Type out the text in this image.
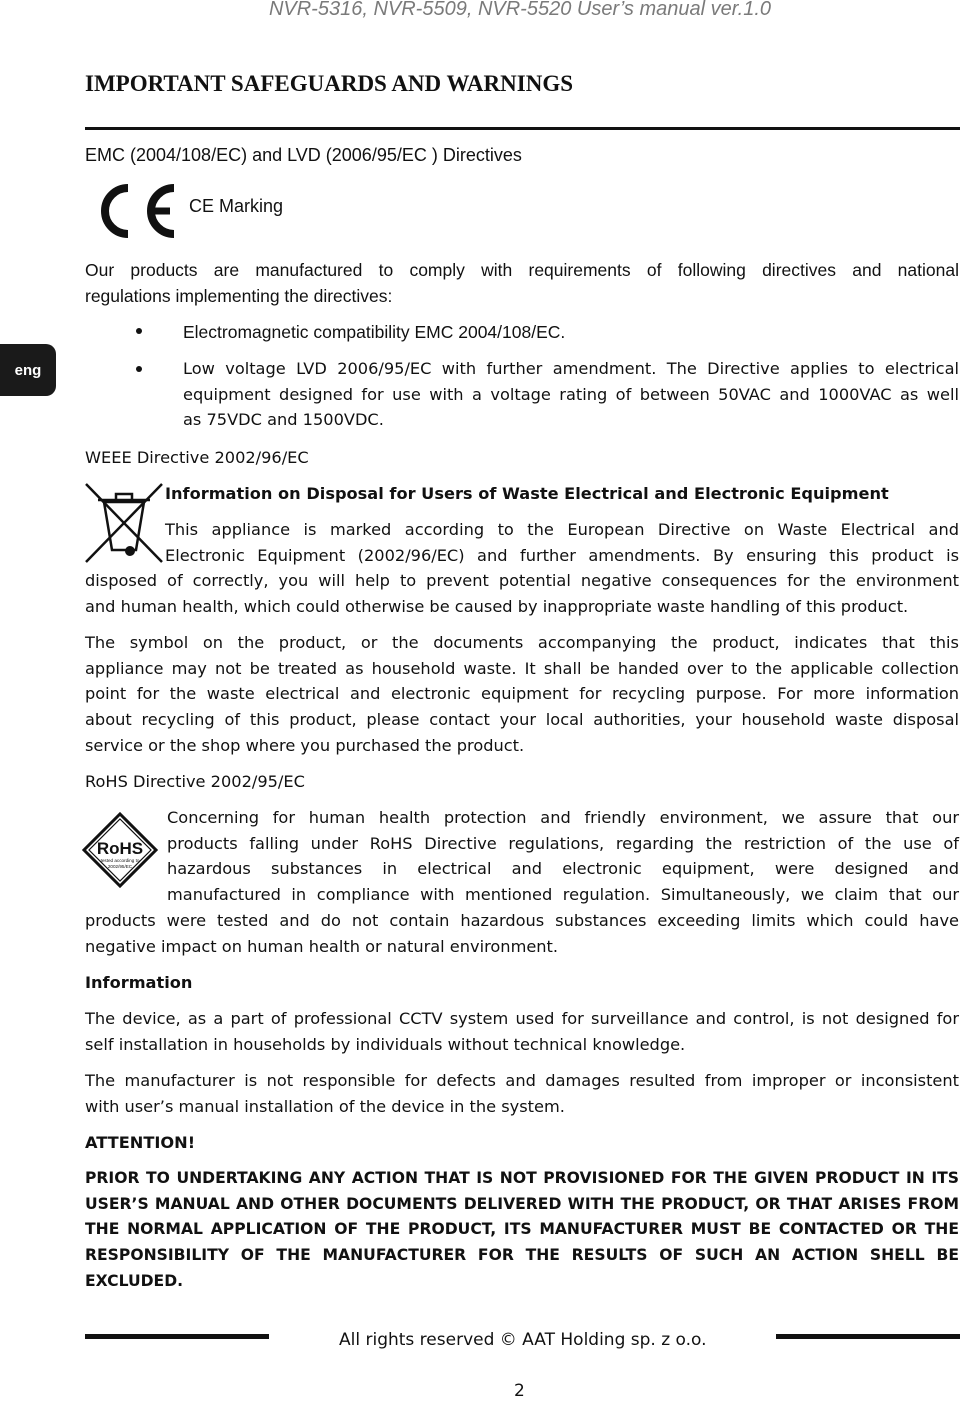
NVR-5316, NVR-5509, NVR-5520 User’s manual ver.1.0
eng
IMPORTANT SAFEGUARDS AND WARNINGS
EMC (2004/108/EC) and LVD (2006/95/EC ) Directives
CE Marking
Our products are manufactured to comply with requirements of following directives and national
regulations implementing the directives:
Electromagnetic compatibility EMC 2004/108/EC.
Low voltage LVD 2006/95/EC with further amendment. The Directive applies to electrical
equipment designed for use with a voltage rating of between 50VAC and 1000VAC as well
as 75VDC and 1500VDC.
WEEE Directive 2002/96/EC
Information on Disposal for Users of Waste Electrical and Electronic Equipment
This appliance is marked according to the European Directive on Waste Electrical and
Electronic Equipment (2002/96/EC) and further amendments. By ensuring this product is
disposed of correctly, you will help to prevent potential negative consequences for the environment
and human health, which could otherwise be caused by inappropriate waste handling of this product.
The symbol on the product, or the documents accompanying the product, indicates that this
appliance may not be treated as household waste. It shall be handed over to the applicable collection
point for the waste electrical and electronic equipment for recycling purpose. For more information
about recycling of this product, please contact your local authorities, your household waste disposal
service or the shop where you purchased the product.
RoHS Directive 2002/95/EC
RoHS
tested according to
2002/95/EC
Concerning for human health protection and friendly environment, we assure that our
products falling under RoHS Directive regulations, regarding the restriction of the use of
hazardous substances in electrical and electronic equipment, were designed and
manufactured in compliance with mentioned regulation. Simultaneously, we claim that our
products were tested and do not contain hazardous substances exceeding limits which could have
negative impact on human health or natural environment.
Information
The device, as a part of professional CCTV system used for surveillance and control, is not designed for
self installation in households by individuals without technical knowledge.
The manufacturer is not responsible for defects and damages resulted from improper or inconsistent
with user’s manual installation of the device in the system.
ATTENTION!
PRIOR TO UNDERTAKING ANY ACTION THAT IS NOT PROVISIONED FOR THE GIVEN PRODUCT IN ITS
USER’S MANUAL AND OTHER DOCUMENTS DELIVERED WITH THE PRODUCT, OR THAT ARISES FROM
THE NORMAL APPLICATION OF THE PRODUCT, ITS MANUFACTURER MUST BE CONTACTED OR THE
RESPONSIBILITY OF THE MANUFACTURER FOR THE RESULTS OF SUCH AN ACTION SHELL BE
EXCLUDED.
All rights reserved © AAT Holding sp. z o.o.
2
